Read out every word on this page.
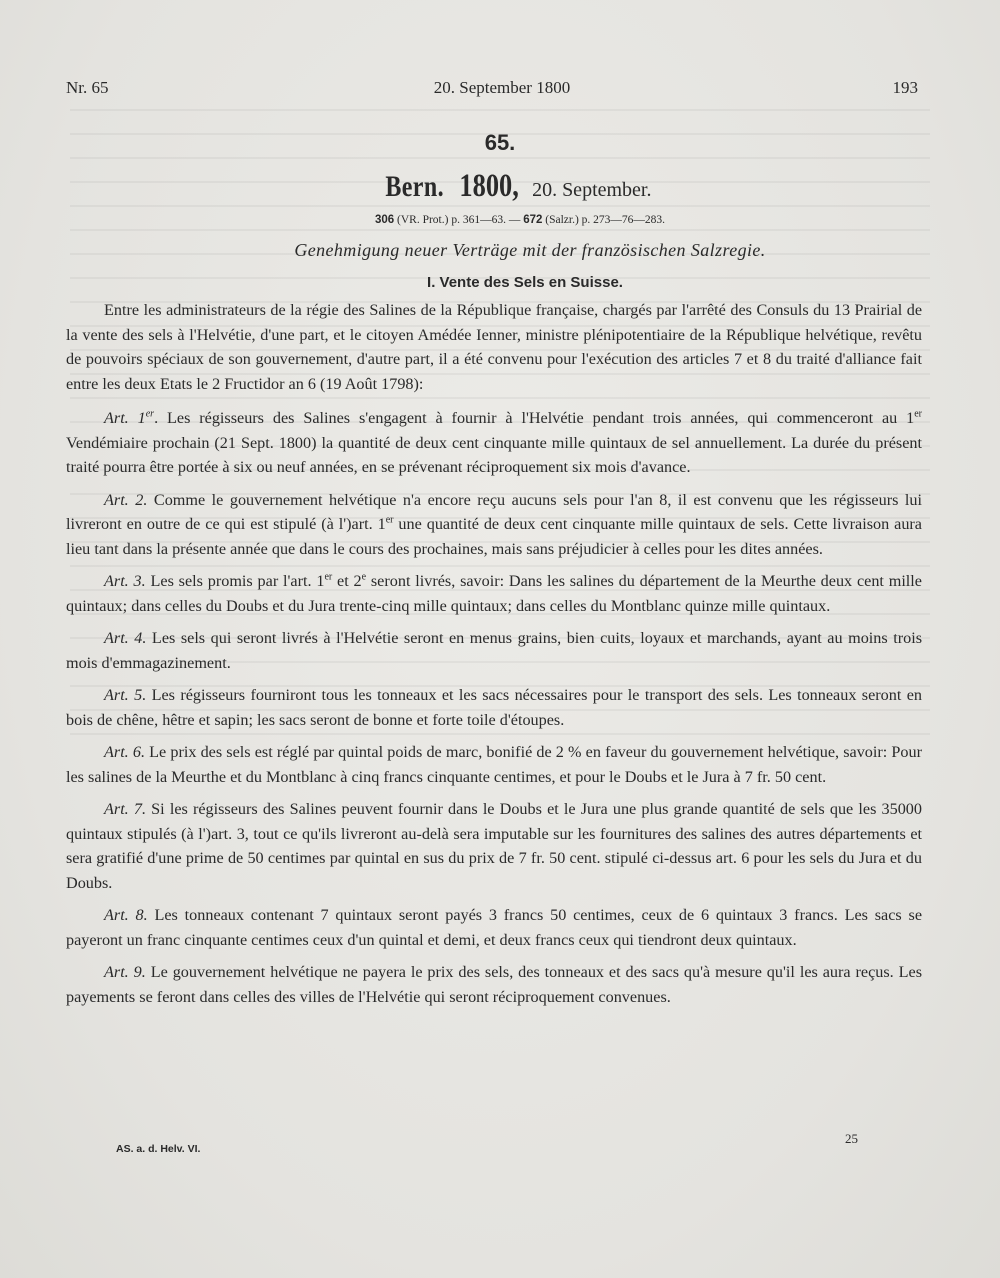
Nr. 65	20. September 1800	193
65.
Bern. 1800, 20. September.
306 (VR. Prot.) p. 361—63. — 672 (Salzr.) p. 273—76—283.
Genehmigung neuer Verträge mit der französischen Salzregie.
I. Vente des Sels en Suisse.

Entre les administrateurs de la régie des Salines de la République française, chargés par l'arrêté des Consuls du 13 Prairial de la vente des sels à l'Helvétie, d'une part, et le citoyen Amédée Ienner, ministre plénipotentiaire de la République helvétique, revêtu de pouvoirs spéciaux de son gouvernement, d'autre part, il a été convenu pour l'exécution des articles 7 et 8 du traité d'alliance fait entre les deux Etats le 2 Fructidor an 6 (19 Août 1798):

Art. 1er. Les régisseurs des Salines s'engagent à fournir à l'Helvétie pendant trois années, qui commenceront au 1er Vendémiaire prochain (21 Sept. 1800) la quantité de deux cent cinquante mille quintaux de sel annuellement. La durée du présent traité pourra être portée à six ou neuf années, en se prévenant réciproquement six mois d'avance.

Art. 2. Comme le gouvernement helvétique n'a encore reçu aucuns sels pour l'an 8, il est convenu que les régisseurs lui livreront en outre de ce qui est stipulé (à l')art. 1er une quantité de deux cent cinquante mille quintaux de sels. Cette livraison aura lieu tant dans la présente année que dans le cours des prochaines, mais sans préjudicier à celles pour les dites années.

Art. 3. Les sels promis par l'art. 1er et 2e seront livrés, savoir: Dans les salines du département de la Meurthe deux cent mille quintaux; dans celles du Doubs et du Jura trente-cinq mille quintaux; dans celles du Montblanc quinze mille quintaux.

Art. 4. Les sels qui seront livrés à l'Helvétie seront en menus grains, bien cuits, loyaux et marchands, ayant au moins trois mois d'emmagazinement.

Art. 5. Les régisseurs fourniront tous les tonneaux et les sacs nécessaires pour le transport des sels. Les tonneaux seront en bois de chêne, hêtre et sapin; les sacs seront de bonne et forte toile d'étoupes.

Art. 6. Le prix des sels est réglé par quintal poids de marc, bonifié de 2 % en faveur du gouvernement helvétique, savoir: Pour les salines de la Meurthe et du Montblanc à cinq francs cinquante centimes, et pour le Doubs et le Jura à 7 fr. 50 cent.

Art. 7. Si les régisseurs des Salines peuvent fournir dans le Doubs et le Jura une plus grande quantité de sels que les 35000 quintaux stipulés (à l')art. 3, tout ce qu'ils livreront au-delà sera imputable sur les fournitures des salines des autres départements et sera gratifié d'une prime de 50 centimes par quintal en sus du prix de 7 fr. 50 cent. stipulé ci-dessus art. 6 pour les sels du Jura et du Doubs.

Art. 8. Les tonneaux contenant 7 quintaux seront payés 3 francs 50 centimes, ceux de 6 quintaux 3 francs. Les sacs se payeront un franc cinquante centimes ceux d'un quintal et demi, et deux francs ceux qui tiendront deux quintaux.

Art. 9. Le gouvernement helvétique ne payera le prix des sels, des tonneaux et des sacs qu'à mesure qu'il les aura reçus. Les payements se feront dans celles des villes de l'Helvétie qui seront réciproquement convenues.

AS. a. d. Helv. VI.
25
